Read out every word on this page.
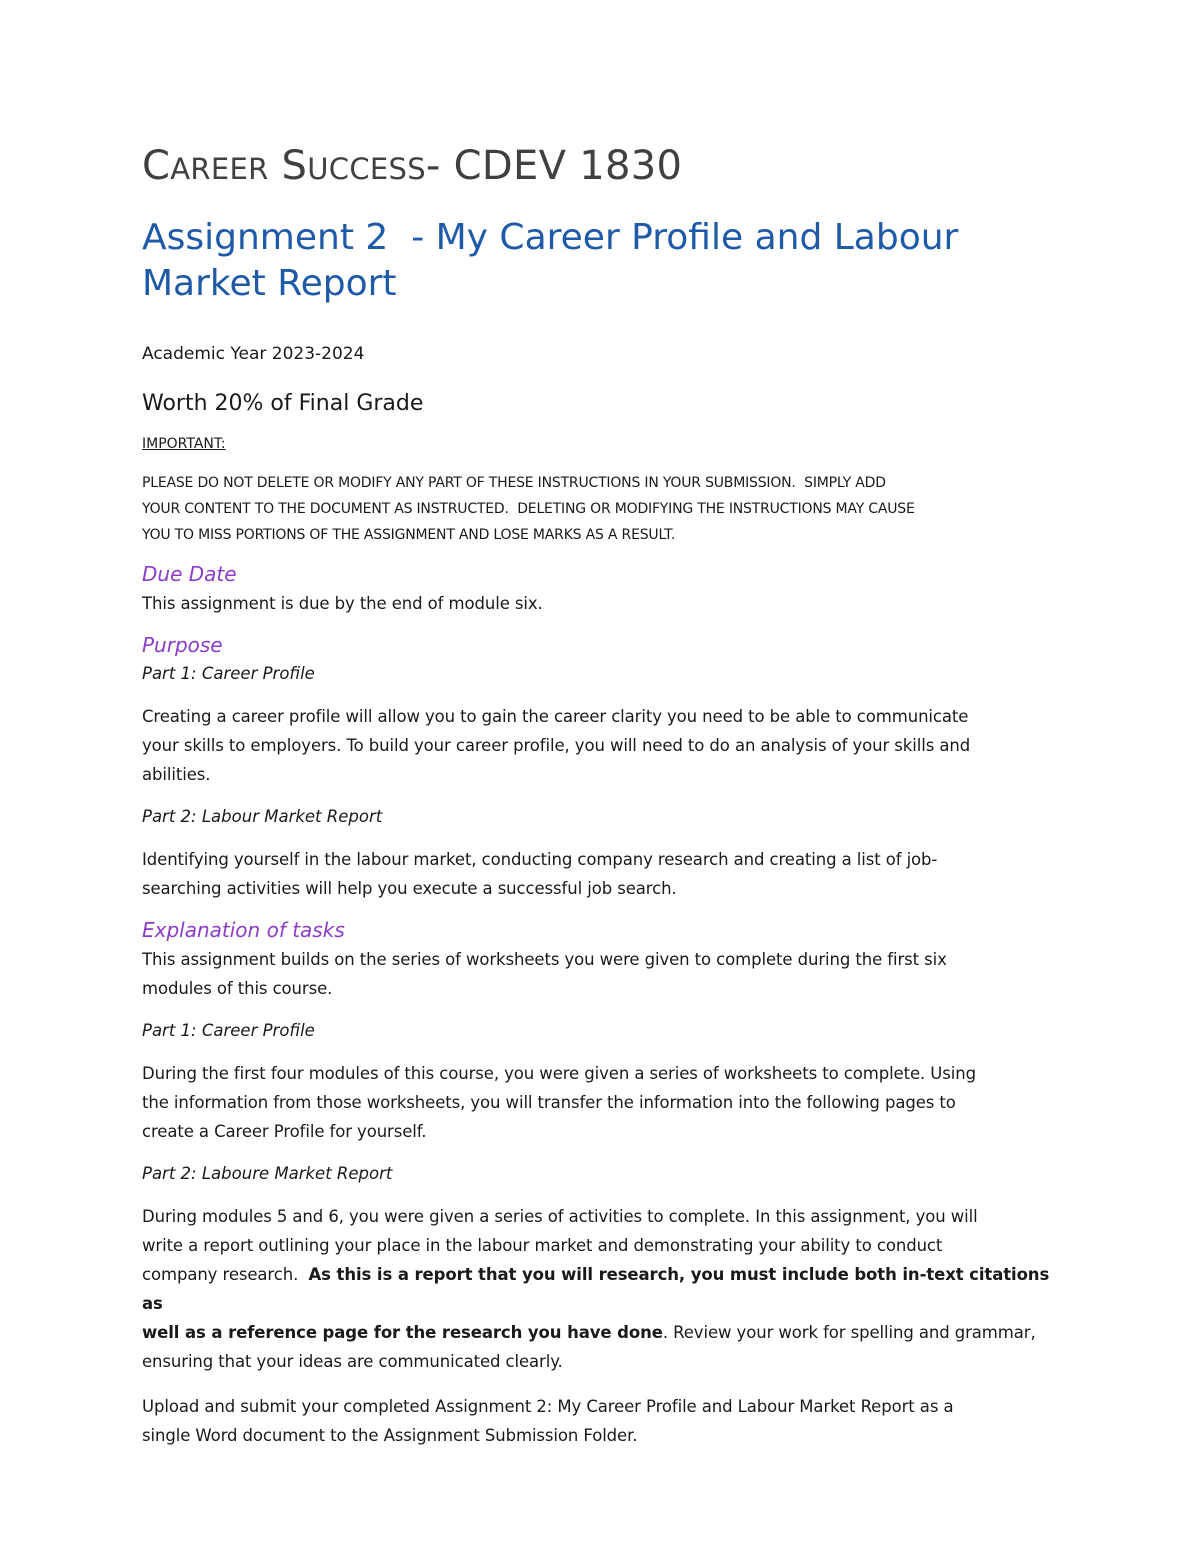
CAREER SUCCESS- CDEV 1830
Assignment 2  - My Career Profile and Labour
Market Report
Academic Year 2023-2024
Worth 20% of Final Grade
IMPORTANT:
PLEASE DO NOT DELETE OR MODIFY ANY PART OF THESE INSTRUCTIONS IN YOUR SUBMISSION.  SIMPLY ADD
YOUR CONTENT TO THE DOCUMENT AS INSTRUCTED.  DELETING OR MODIFYING THE INSTRUCTIONS MAY CAUSE
YOU TO MISS PORTIONS OF THE ASSIGNMENT AND LOSE MARKS AS A RESULT.
Due Date
This assignment is due by the end of module six.
Purpose
Part 1: Career Profile
Creating a career profile will allow you to gain the career clarity you need to be able to communicate
your skills to employers. To build your career profile, you will need to do an analysis of your skills and
abilities.
Part 2: Labour Market Report
Identifying yourself in the labour market, conducting company research and creating a list of job-
searching activities will help you execute a successful job search.
Explanation of tasks
This assignment builds on the series of worksheets you were given to complete during the first six
modules of this course.
Part 1: Career Profile
During the first four modules of this course, you were given a series of worksheets to complete. Using
the information from those worksheets, you will transfer the information into the following pages to
create a Career Profile for yourself.
Part 2: Laboure Market Report
During modules 5 and 6, you were given a series of activities to complete. In this assignment, you will
write a report outlining your place in the labour market and demonstrating your ability to conduct
company research.  As this is a report that you will research, you must include both in-text citations as
well as a reference page for the research you have done. Review your work for spelling and grammar,
ensuring that your ideas are communicated clearly.
Upload and submit your completed Assignment 2: My Career Profile and Labour Market Report as a
single Word document to the Assignment Submission Folder.
